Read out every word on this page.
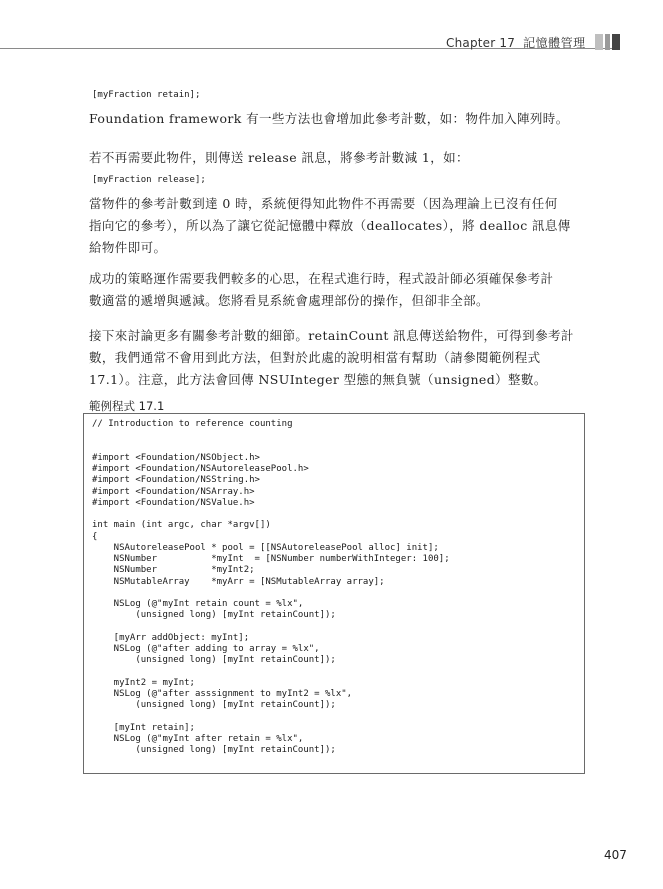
Chapter 17 記憶體管理
[myFraction retain];

Foundation framework 有一些方法也會增加此參考計數，如：物件加入陣列時。

若不再需要此物件，則傳送 release 訊息，將參考計數減 1，如：

[myFraction release];

當物件的參考計數到達 0 時，系統便得知此物件不再需要（因為理論上已沒有任何

指向它的參考），所以為了讓它從記憶體中釋放（deallocates），將 dealloc 訊息傳

給物件即可。

成功的策略運作需要我們較多的心思，在程式進行時，程式設計師必須確保參考計

數適當的遞增與遞減。您將看見系統會處理部份的操作，但卻非全部。

接下來討論更多有關參考計數的細節。retainCount 訊息傳送給物件，可得到參考計

數，我們通常不會用到此方法，但對於此處的說明相當有幫助（請參閱範例程式

17.1）。注意，此方法會回傳 NSUInteger 型態的無負號（unsigned）整數。

範例程式 17.1
// Introduction to reference counting
#import <Foundation/NSObject.h>
#import <Foundation/NSAutoreleasePool.h>
#import <Foundation/NSString.h>
#import <Foundation/NSArray.h>
#import <Foundation/NSValue.h>
int main (int argc, char *argv[])
{
NSAutoreleasePool * pool = [[NSAutoreleasePool alloc] init];
NSNumber          *myInt  = [NSNumber numberWithInteger: 100];
NSNumber          *myInt2;
NSMutableArray    *myArr = [NSMutableArray array];
NSLog (@"myInt retain count = %lx",
(unsigned long) [myInt retainCount]);
[myArr addObject: myInt];
NSLog (@"after adding to array = %lx",
(unsigned long) [myInt retainCount]);
myInt2 = myInt;
NSLog (@"after asssignment to myInt2 = %lx",
(unsigned long) [myInt retainCount]);
[myInt retain];
NSLog (@"myInt after retain = %lx",
(unsigned long) [myInt retainCount]);
407
